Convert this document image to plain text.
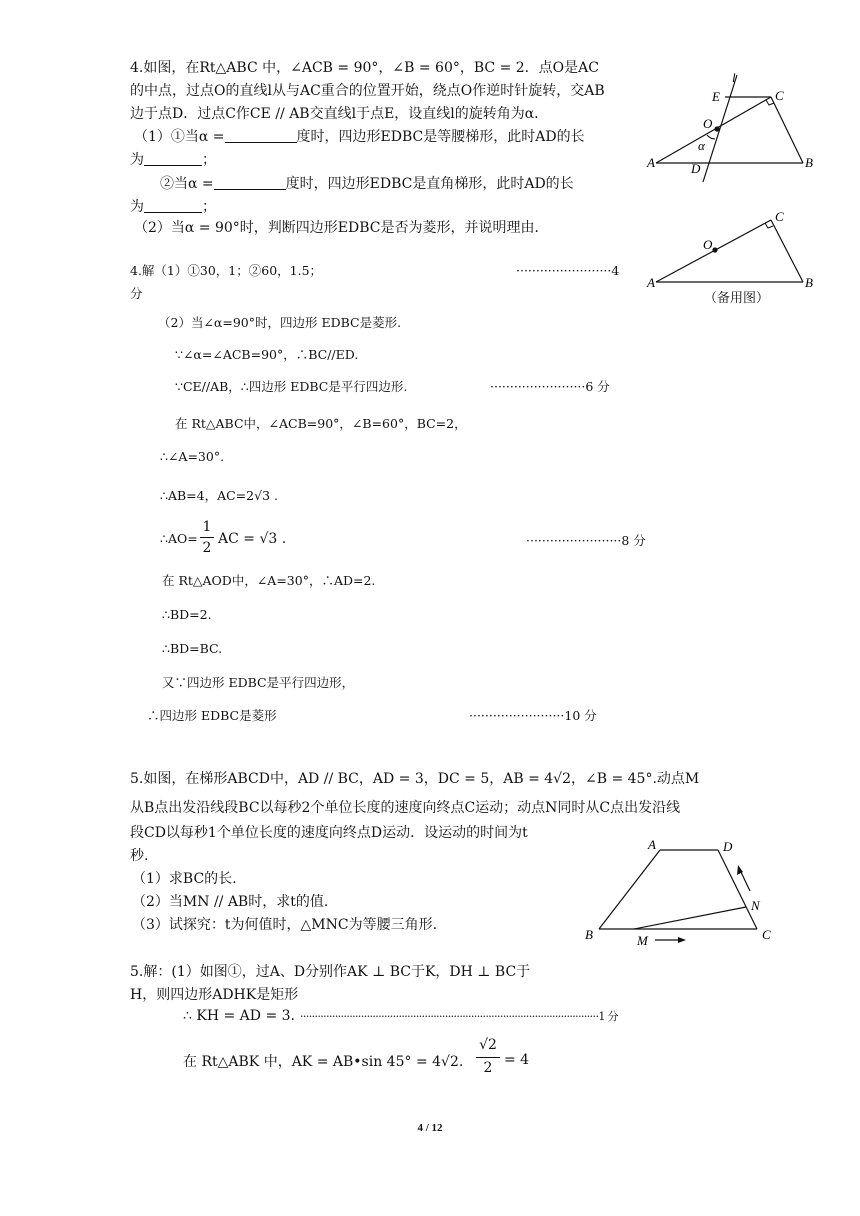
4.如图，在Rt△ABC 中，∠ACB = 90°，∠B = 60°，BC = 2．点O是AC
的中点，过点O的直线l从与AC重合的位置开始，绕点O作逆时针旋转，交AB
边于点D．过点C作CE // AB交直线l于点E，设直线l的旋转角为α．
（1）①当α =	度时，四边形EDBC是等腰梯形，此时AD的长
为	；
②当α =	度时，四边形EDBC是直角梯形，此时AD的长
为	；
（2）当α = 90°时，判断四边形EDBC是否为菱形，并说明理由．
l
E	C
O
α
A	D	B
C
O
A	B
（备用图）
4.解（1）①30，1；②60，1.5；	························4
分
（2）当∠α=90°时，四边形 EDBC是菱形.
∵∠α=∠ACB=90°，∴BC//ED.
∵CE//AB，∴四边形 EDBC是平行四边形.	························6 分
在 Rt△ABC中，∠ACB=90°，∠B=60°，BC=2，
∴∠A=30°.
∴AB=4，AC=2√3 .
∴AO=
1
2
AC = √3 .	························8 分
在 Rt△AOD中，∠A=30°，∴AD=2.
∴BD=2.
∴BD=BC.
又∵四边形 EDBC是平行四边形，
∴四边形 EDBC是菱形	························10 分
5.如图，在梯形ABCD中，AD // BC，AD = 3，DC = 5，AB = 4√2，∠B = 45°.动点M
从B点出发沿线段BC以每秒2个单位长度的速度向终点C运动；动点N同时从C点出发沿线
段CD以每秒1个单位长度的速度向终点D运动．设运动的时间为t
秒.
（1）求BC的长.
（2）当MN // AB时，求t的值.
（3）试探究：t为何值时，△MNC为等腰三角形.
A	D
N
B	M	C
5.解：(1）如图①，过A、D分别作AK ⊥ BC于K，DH ⊥ BC于
H，则四边形ADHK是矩形
∴ KH = AD = 3. ·······································································································1 分
在 Rt△ABK 中，AK = AB•sin 45° = 4√2.
√2
2 = 4
4 / 12
